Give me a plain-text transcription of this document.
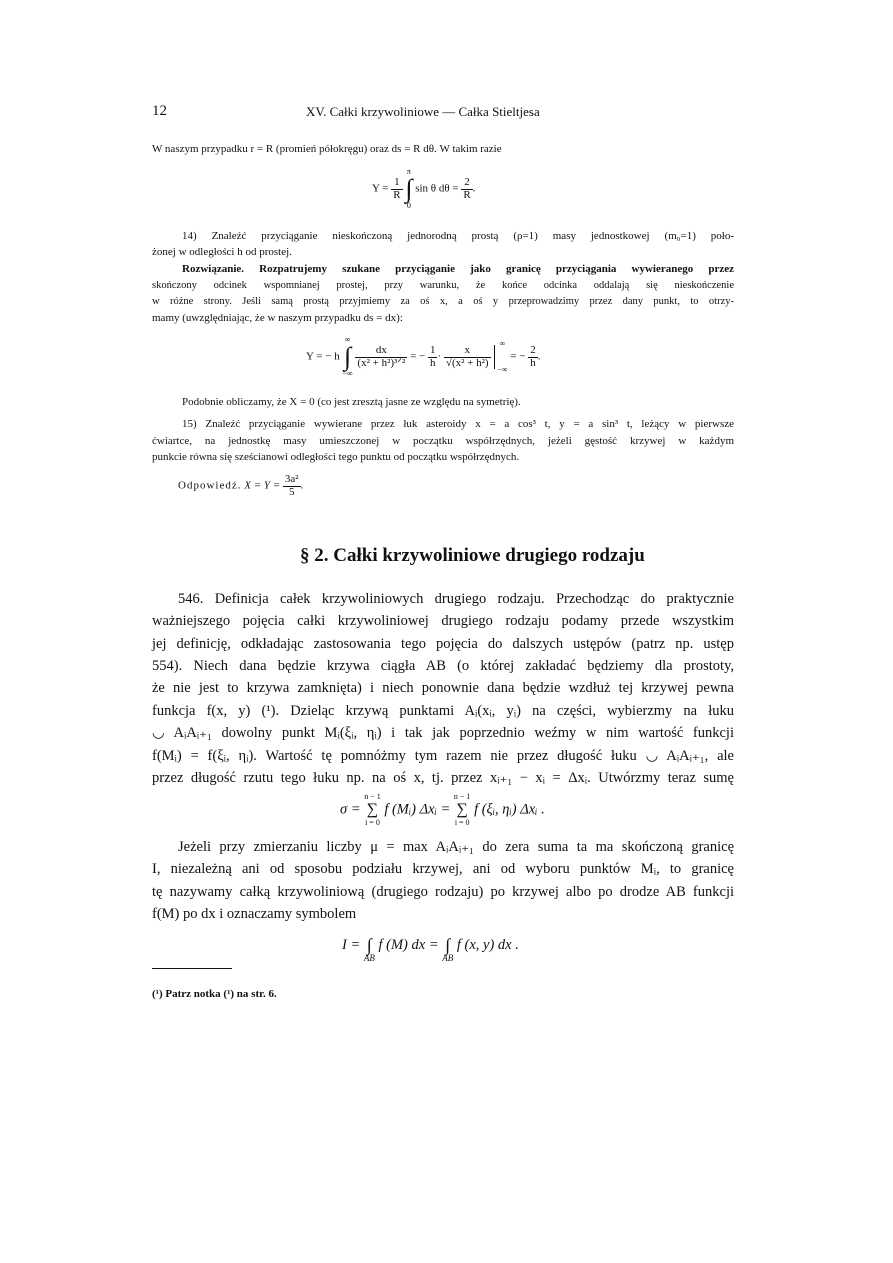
12	XV. Całki krzywoliniowe — Całka Stieltjesa
W naszym przypadku r = R (promień półokręgu) oraz ds = R dθ. W takim razie
$Y = \frac{1}{R}$

π
∫
0
sin θ $d\theta = \frac{2}{R}$ .
14) Znaleźć przyciąganie nieskończoną jednorodną prostą (ρ=1) masy jednostkowej (m₀=1) poło-
żonej w odległości h od prostej.
Rozwiązanie. Rozpatrujemy szukane przyciąganie jako granicę przyciągania wywieranego przez
skończony odcinek wspomnianej prostej, przy warunku, że końce odcinka oddalają się nieskończenie
w różne strony. Jeśli samą prostą przyjmiemy za oś x, a oś y przeprowadzimy przez dany punkt, to otrzy-
mamy (uwzględniając, że w naszym przypadku ds = dx):
Y = − h
∞
∫
−∞

$\frac{dx}{\text{(x² + h²)³ᐟ²}}$ = − $\frac{1}{h} \cdot \frac{x}{\text{√(x² + h²)}}$

∞

−∞
= − $\frac{2}{h}$ .
Podobnie obliczamy, że X = 0 (co jest zresztą jasne ze względu na symetrię).
15) Znaleźć przyciąganie wywierane przez łuk asteroidy x = a cos³ t, y = a sin³ t, leżący w pierwsze
ćwiartce, na jednostkę masy umieszczonej w początku współrzędnych, jeżeli gęstość krzywej w każdym
punkcie równa się sześcianowi odległości tego punktu od początku współrzędnych.
Odpowiedź. $X = Y = \frac{\text{3a²}}{5}$ .
§ 2. Całki krzywoliniowe drugiego rodzaju
546. Definicja całek krzywoliniowych drugiego rodzaju. Przechodząc do praktycznie
ważniejszego pojęcia całki krzywoliniowej drugiego rodzaju podamy przede wszystkim
jej definicję, odkładając zastosowania tego pojęcia do dalszych ustępów (patrz np. ustęp
554). Niech dana będzie krzywa ciągła AB (o której zakładać będziemy dla prostoty,
że nie jest to krzywa zamknięta) i niech ponownie dana będzie wzdłuż tej krzywej pewna
funkcja f(x, y) (¹). Dzieląc krzywą punktami Aᵢ(xᵢ, yᵢ) na części, wybierzmy na łuku
◡ AᵢAᵢ₊₁ dowolny punkt Mᵢ(ξᵢ, ηᵢ) i tak jak poprzednio weźmy w nim wartość funkcji
f(Mᵢ) = f(ξᵢ, ηᵢ). Wartość tę pomnóżmy tym razem nie przez długość łuku ◡ AᵢAᵢ₊₁, ale
przez długość rzutu tego łuku np. na oś x, tj. przez xᵢ₊₁ − xᵢ = Δxᵢ. Utwórzmy teraz sumę
σ =
n − 1
∑
i = 0
f (Mᵢ) Δxᵢ =
n − 1
∑
i = 0
f (ξᵢ, ηᵢ) Δxᵢ .
Jeżeli przy zmierzaniu liczby μ = max AᵢAᵢ₊₁ do zera suma ta ma skończoną granicę
I, niezależną ani od sposobu podziału krzywej, ani od wyboru punktów Mᵢ, to granicę
tę nazywamy całką krzywoliniową (drugiego rodzaju) po krzywej albo po drodze AB funkcji
f(M) po dx i oznaczamy symbolem
I =
∫
AB
f (M) dx =
∫
AB
f (x, y) dx .
(¹) Patrz notka (¹) na str. 6.
